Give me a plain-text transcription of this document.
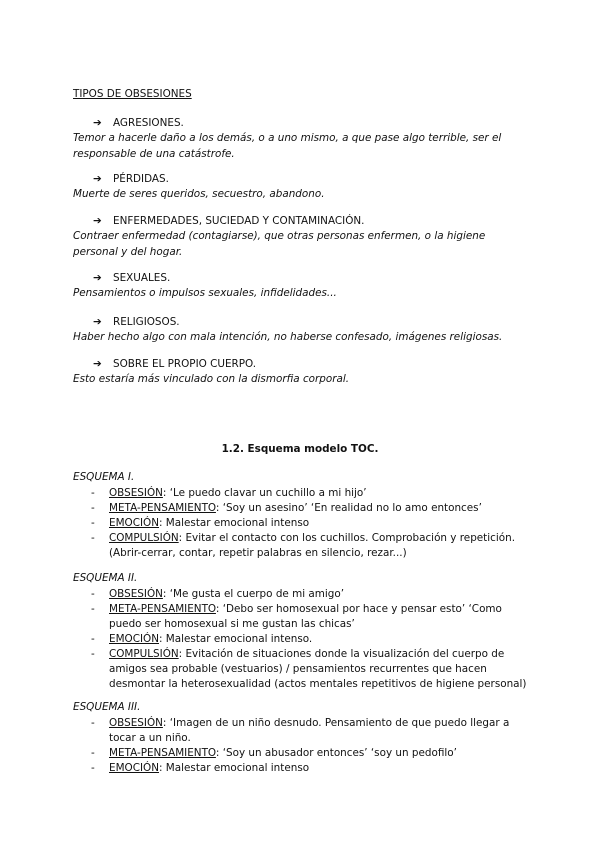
TIPOS DE OBSESIONES
➔ AGRESIONES.
Temor a hacerle daño a los demás, o a uno mismo, a que pase algo terrible, ser el responsable de una catástrofe.
➔ PÉRDIDAS.
Muerte de seres queridos, secuestro, abandono.
➔ ENFERMEDADES, SUCIEDAD Y CONTAMINACIÓN.
Contraer enfermedad (contagiarse), que otras personas enfermen, o la higiene personal y del hogar.
➔ SEXUALES.
Pensamientos o impulsos sexuales, infidelidades...
➔ RELIGIOSOS.
Haber hecho algo con mala intención, no haberse confesado, imágenes religiosas.
➔ SOBRE EL PROPIO CUERPO.
Esto estaría más vinculado con la dismorfia corporal.
1.2. Esquema modelo TOC.
ESQUEMA I.
- OBSESIÓN: ‘Le puedo clavar un cuchillo a mi hijo’
- META-PENSAMIENTO: ‘Soy un asesino’ ‘En realidad no lo amo entonces’
- EMOCIÓN: Malestar emocional intenso
- COMPULSIÓN: Evitar el contacto con los cuchillos. Comprobación y repetición. (Abrir-cerrar, contar, repetir palabras en silencio, rezar...)
ESQUEMA II.
- OBSESIÓN: ‘Me gusta el cuerpo de mi amigo’
- META-PENSAMIENTO: ‘Debo ser homosexual por hace y pensar esto’ ‘Como puedo ser homosexual si me gustan las chicas’
- EMOCIÓN: Malestar emocional intenso.
- COMPULSIÓN: Evitación de situaciones donde la visualización del cuerpo de amigos sea probable (vestuarios) / pensamientos recurrentes que hacen desmontar la heterosexualidad (actos mentales repetitivos de higiene personal)
ESQUEMA III.
- OBSESIÓN: ‘Imagen de un niño desnudo. Pensamiento de que puedo llegar a tocar a un niño.
- META-PENSAMIENTO: ‘Soy un abusador entonces’ ‘soy un pedofilo’
- EMOCIÓN: Malestar emocional intenso
